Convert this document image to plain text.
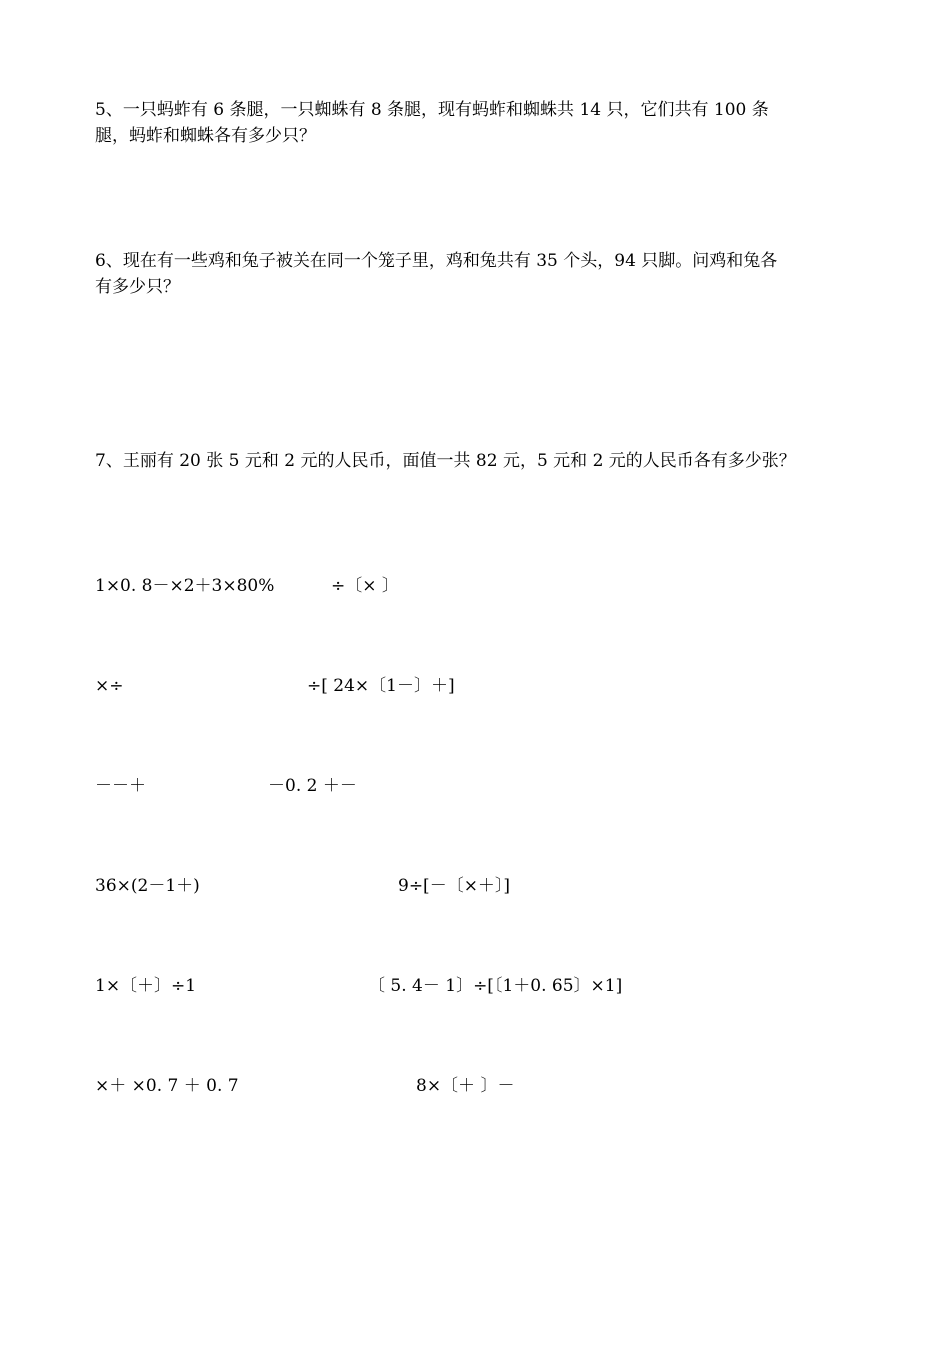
5、一只蚂蚱有 6 条腿，一只蜘蛛有 8 条腿，现有蚂蚱和蜘蛛共 14 只，它们共有 100 条
腿，蚂蚱和蜘蛛各有多少只？
6、现在有一些鸡和兔子被关在同一个笼子里，鸡和兔共有 35 个头，94 只脚。问鸡和兔各
有多少只？
7、王丽有 20 张 5 元和 2 元的人民币，面值一共 82 元，5 元和 2 元的人民币各有多少张？
1×0. 8－×2＋3×80%	÷〔× 〕
×÷	÷[ 24×〔1－〕＋]
－－＋	－0. 2 ＋－
36×(2－1＋)	9÷[－〔×＋〕]
1×〔＋〕÷1	〔 5. 4－ 1〕÷[〔1＋0. 65〕×1]
×＋ ×0. 7 ＋ 0. 7	8×〔＋ 〕－
